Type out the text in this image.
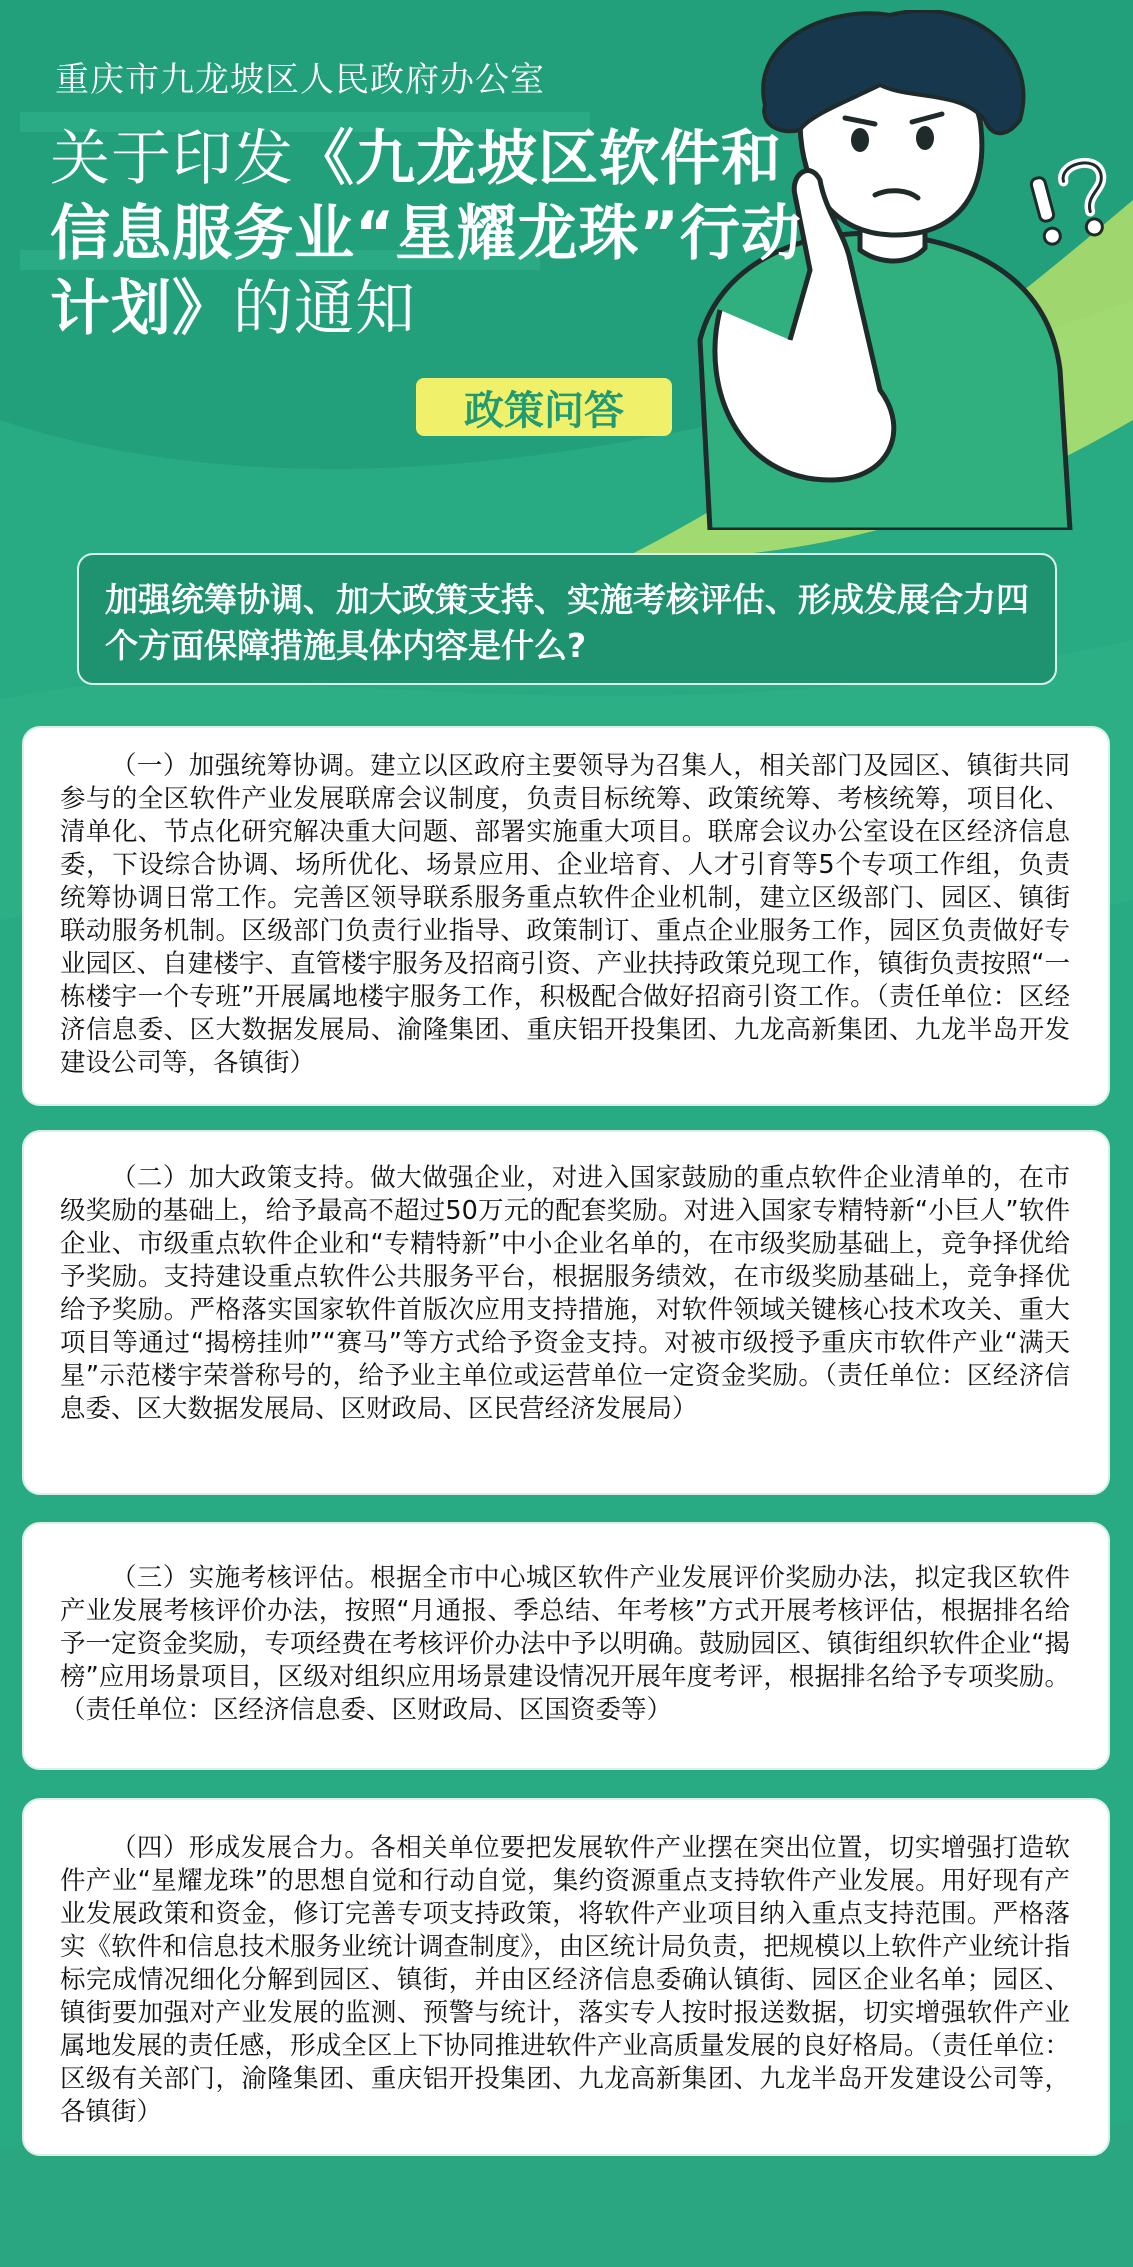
重庆市九龙坡区人民政府办公室
关于印发《九龙坡区软件和信息服务业“星耀龙珠”行动计划》的通知
政策问答
加强统筹协调、加大政策支持、实施考核评估、形成发展合力四个方面保障措施具体内容是什么?

（一）加强统筹协调。建立以区政府主要领导为召集人，相关部门及园区、镇街共同参与的全区软件产业发展联席会议制度，负责目标统筹、政策统筹、考核统筹，项目化、清单化、节点化研究解决重大问题、部署实施重大项目。联席会议办公室设在区经济信息委，下设综合协调、场所优化、场景应用、企业培育、人才引育等5个专项工作组，负责统筹协调日常工作。完善区领导联系服务重点软件企业机制，建立区级部门、园区、镇街联动服务机制。区级部门负责行业指导、政策制订、重点企业服务工作，园区负责做好专业园区、自建楼宇、直管楼宇服务及招商引资、产业扶持政策兑现工作，镇街负责按照“一栋楼宇一个专班”开展属地楼宇服务工作，积极配合做好招商引资工作。（责任单位：区经济信息委、区大数据发展局、渝隆集团、重庆铝开投集团、九龙高新集团、九龙半岛开发建设公司等，各镇街）

（二）加大政策支持。做大做强企业，对进入国家鼓励的重点软件企业清单的，在市级奖励的基础上，给予最高不超过50万元的配套奖励。对进入国家专精特新“小巨人”软件企业、市级重点软件企业和“专精特新”中小企业名单的，在市级奖励基础上，竞争择优给予奖励。支持建设重点软件公共服务平台，根据服务绩效，在市级奖励基础上，竞争择优给予奖励。严格落实国家软件首版次应用支持措施，对软件领域关键核心技术攻关、重大项目等通过“揭榜挂帅”“赛马”等方式给予资金支持。对被市级授予重庆市软件产业“满天星”示范楼宇荣誉称号的，给予业主单位或运营单位一定资金奖励。（责任单位：区经济信息委、区大数据发展局、区财政局、区民营经济发展局）

（三）实施考核评估。根据全市中心城区软件产业发展评价奖励办法，拟定我区软件产业发展考核评价办法，按照“月通报、季总结、年考核”方式开展考核评估，根据排名给予一定资金奖励，专项经费在考核评价办法中予以明确。鼓励园区、镇街组织软件企业“揭榜”应用场景项目，区级对组织应用场景建设情况开展年度考评，根据排名给予专项奖励。（责任单位：区经济信息委、区财政局、区国资委等）

（四）形成发展合力。各相关单位要把发展软件产业摆在突出位置，切实增强打造软件产业“星耀龙珠”的思想自觉和行动自觉，集约资源重点支持软件产业发展。用好现有产业发展政策和资金，修订完善专项支持政策，将软件产业项目纳入重点支持范围。严格落实《软件和信息技术服务业统计调查制度》，由区统计局负责，把规模以上软件产业统计指标完成情况细化分解到园区、镇街，并由区经济信息委确认镇街、园区企业名单；园区、镇街要加强对产业发展的监测、预警与统计，落实专人按时报送数据，切实增强软件产业属地发展的责任感，形成全区上下协同推进软件产业高质量发展的良好格局。（责任单位：区级有关部门，渝隆集团、重庆铝开投集团、九龙高新集团、九龙半岛开发建设公司等，各镇街）
